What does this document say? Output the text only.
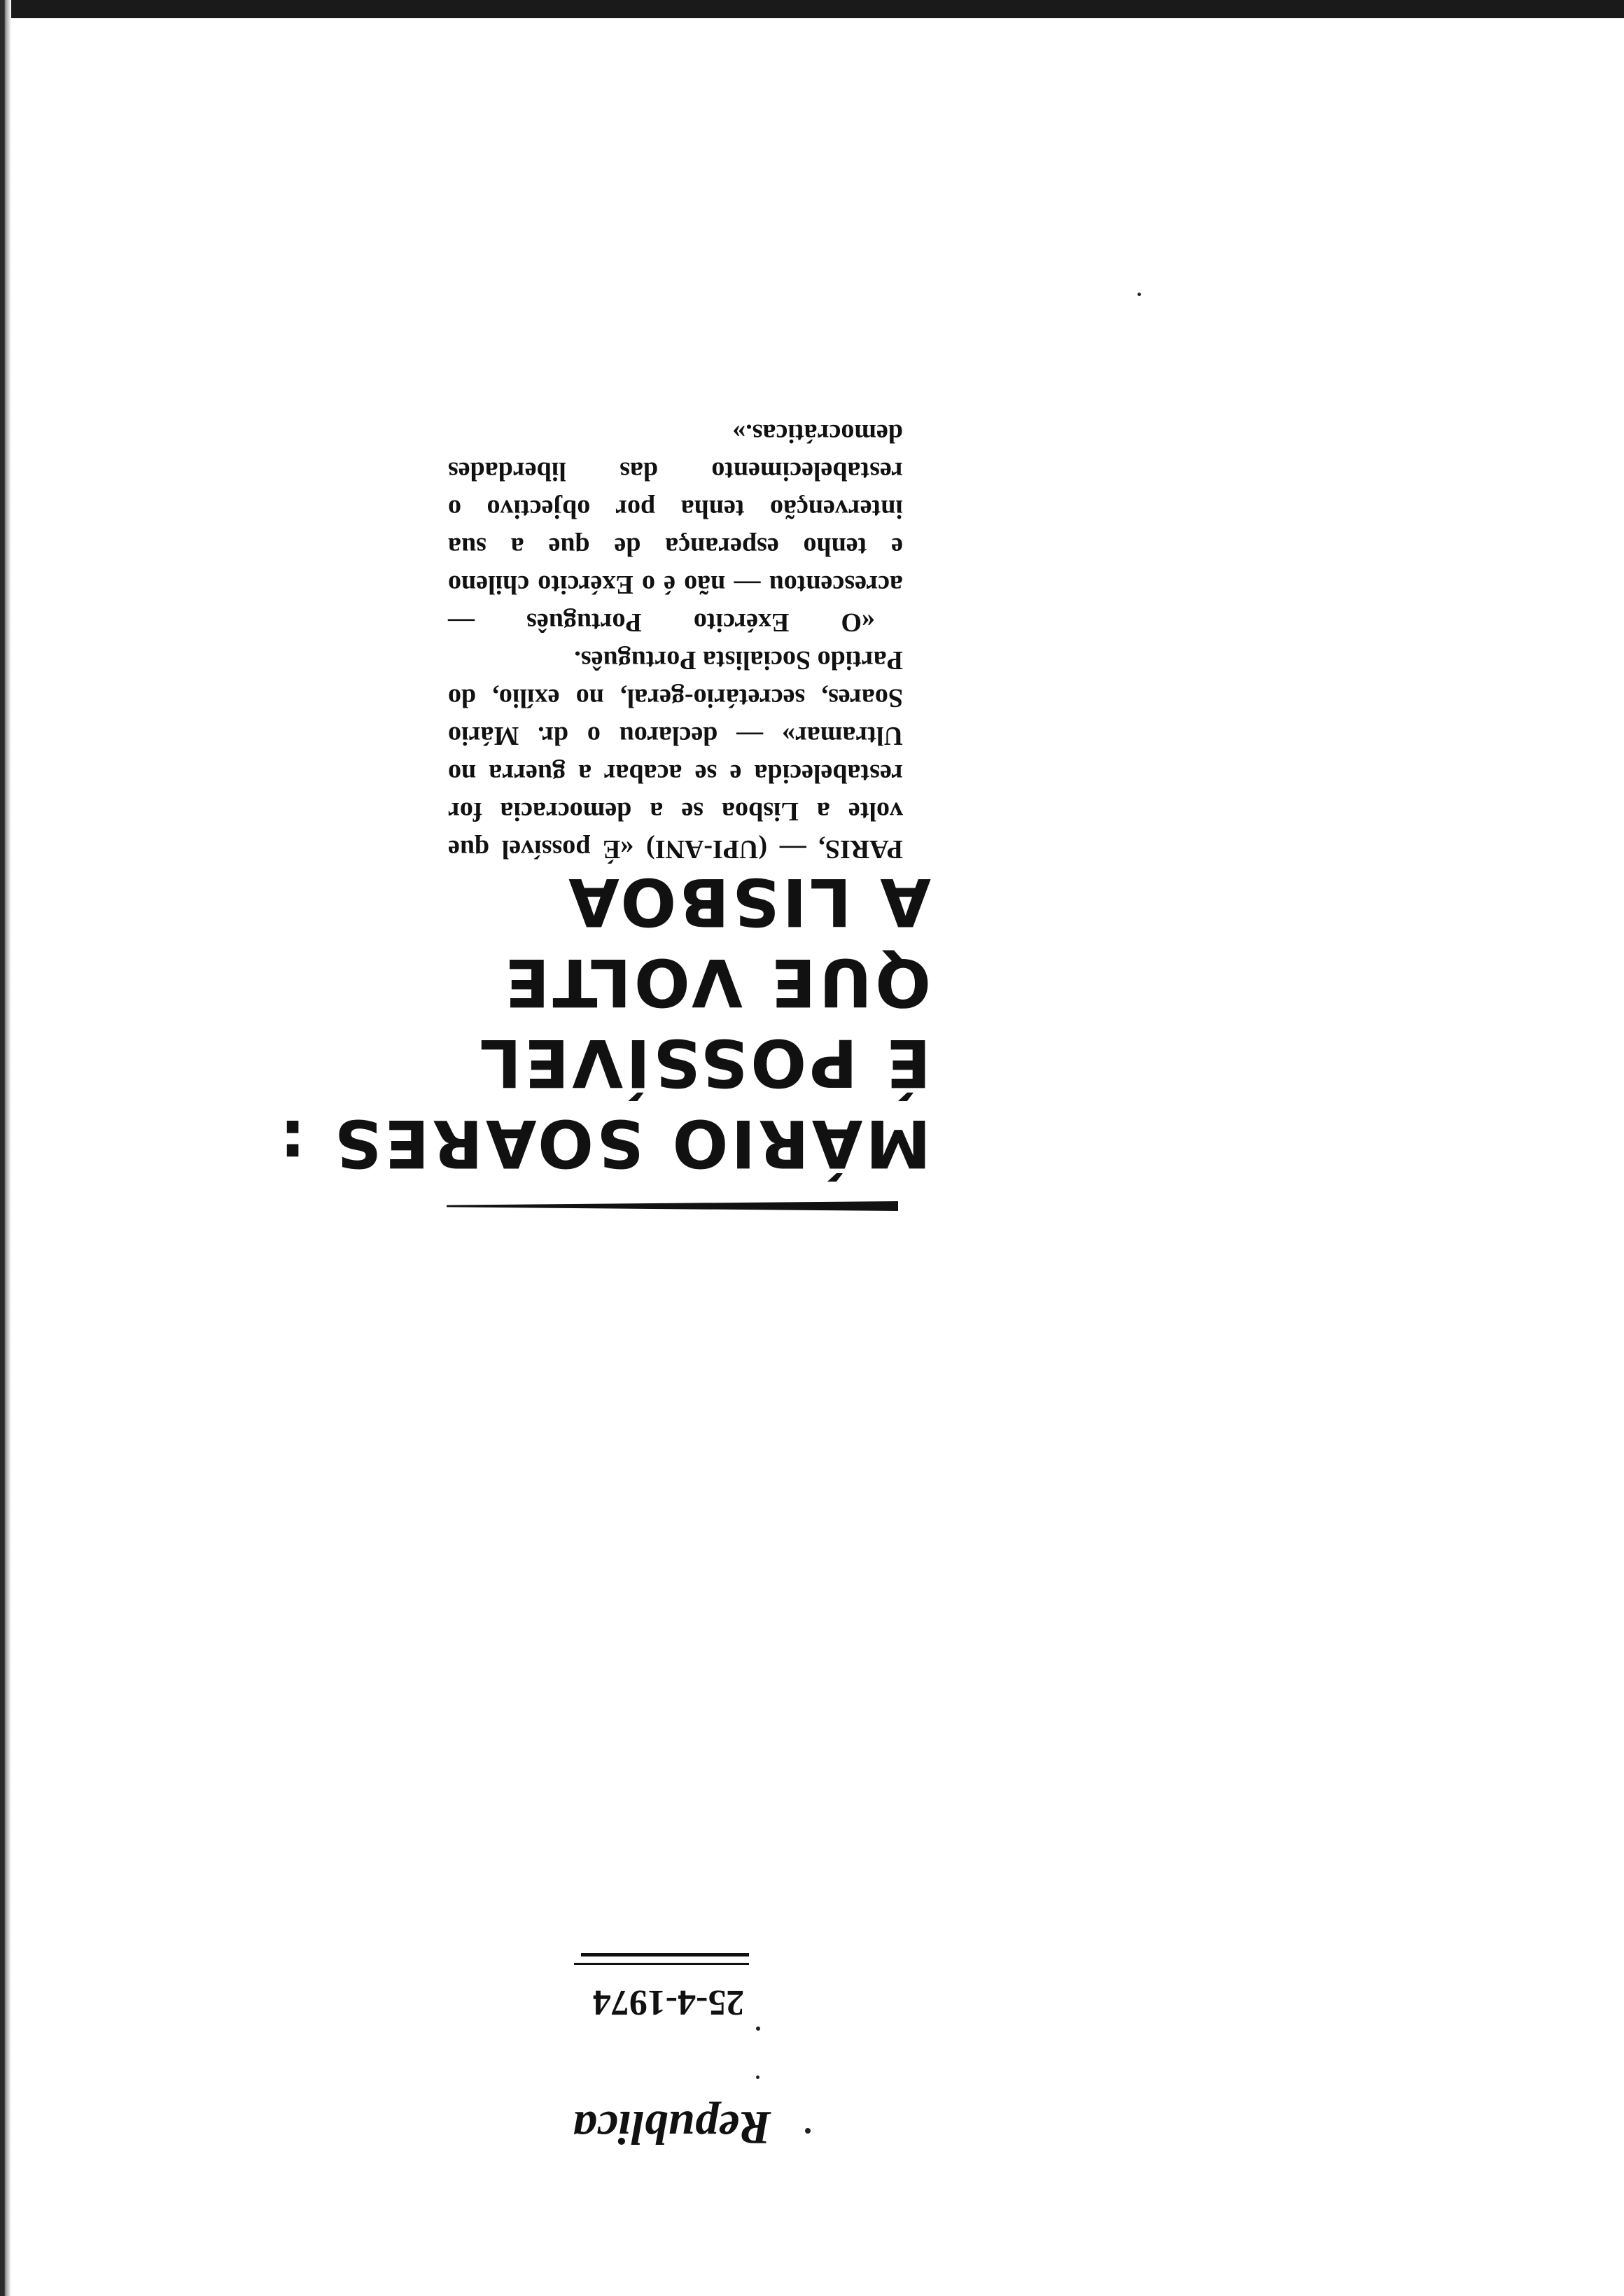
MÁRIO SOARES :
É POSSÍVEL
QUE VOLTE
A LISBOA

PARIS, — (UPI-ANI) «É possível que volte a Lisboa se a democracia for restabelecida e se acabar a guerra no Ultramar» — declarou o dr. Mário Soares, secretário-geral, no exílio, do Partido Socialista Português.

«O Exército Português — acrescentou — não é o Exército chileno e tenho esperança de que a sua intervenção tenha por objectivo o restabelecimento das liberdades democráticas.»

25-4-1974
Republica
